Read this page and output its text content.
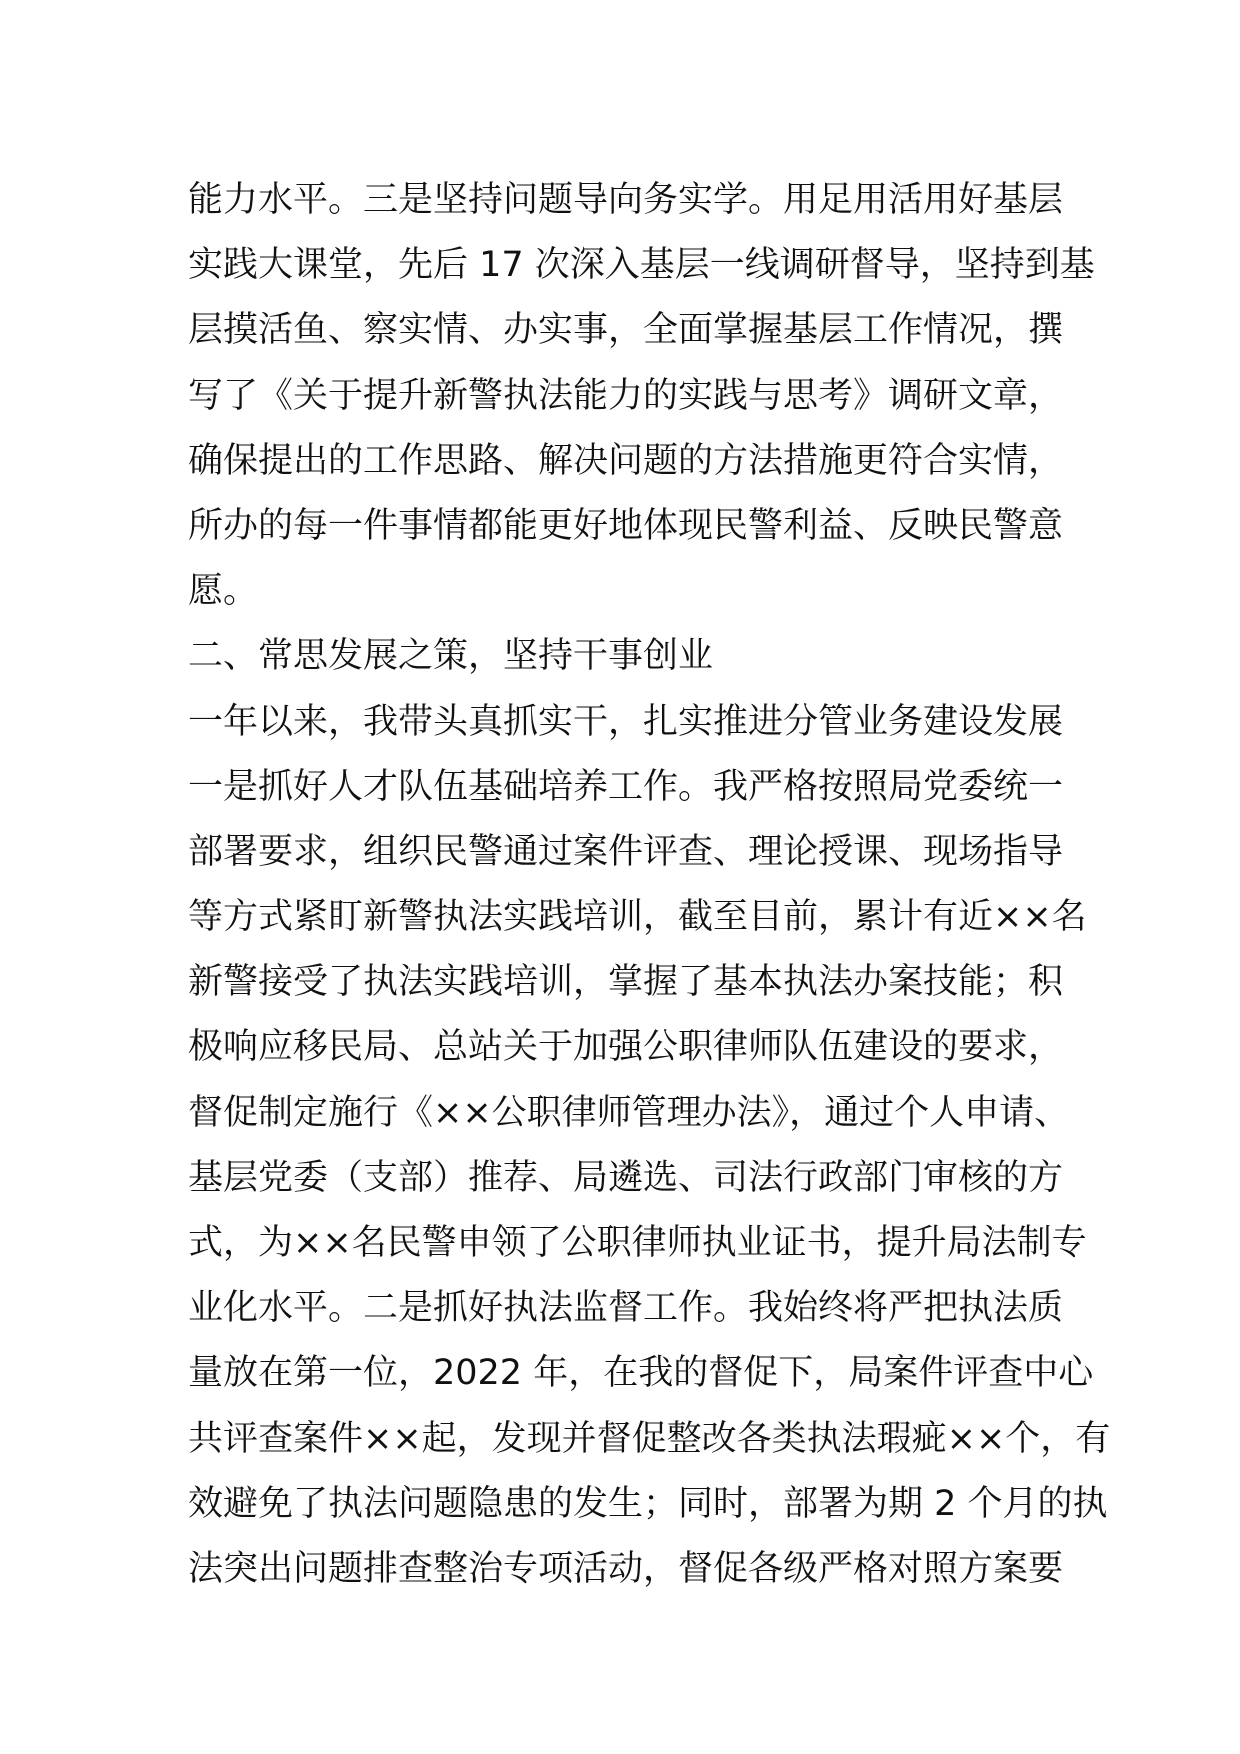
能力水平。三是坚持问题导向务实学。用足用活用好基层
实践大课堂，先后 17 次深入基层一线调研督导，坚持到基
层摸活鱼、察实情、办实事，全面掌握基层工作情况，撰
写了《关于提升新警执法能力的实践与思考》调研文章，
确保提出的工作思路、解决问题的方法措施更符合实情，
所办的每一件事情都能更好地体现民警利益、反映民警意
愿。
二、常思发展之策，坚持干事创业
一年以来，我带头真抓实干，扎实推进分管业务建设发展
一是抓好人才队伍基础培养工作。我严格按照局党委统一
部署要求，组织民警通过案件评查、理论授课、现场指导
等方式紧盯新警执法实践培训，截至目前，累计有近××名
新警接受了执法实践培训，掌握了基本执法办案技能；积
极响应移民局、总站关于加强公职律师队伍建设的要求，
督促制定施行《××公职律师管理办法》，通过个人申请、
基层党委（支部）推荐、局遴选、司法行政部门审核的方
式，为××名民警申领了公职律师执业证书，提升局法制专
业化水平。二是抓好执法监督工作。我始终将严把执法质
量放在第一位，2022 年，在我的督促下，局案件评查中心
共评查案件××起，发现并督促整改各类执法瑕疵××个，有
效避免了执法问题隐患的发生；同时，部署为期 2 个月的执
法突出问题排查整治专项活动，督促各级严格对照方案要
